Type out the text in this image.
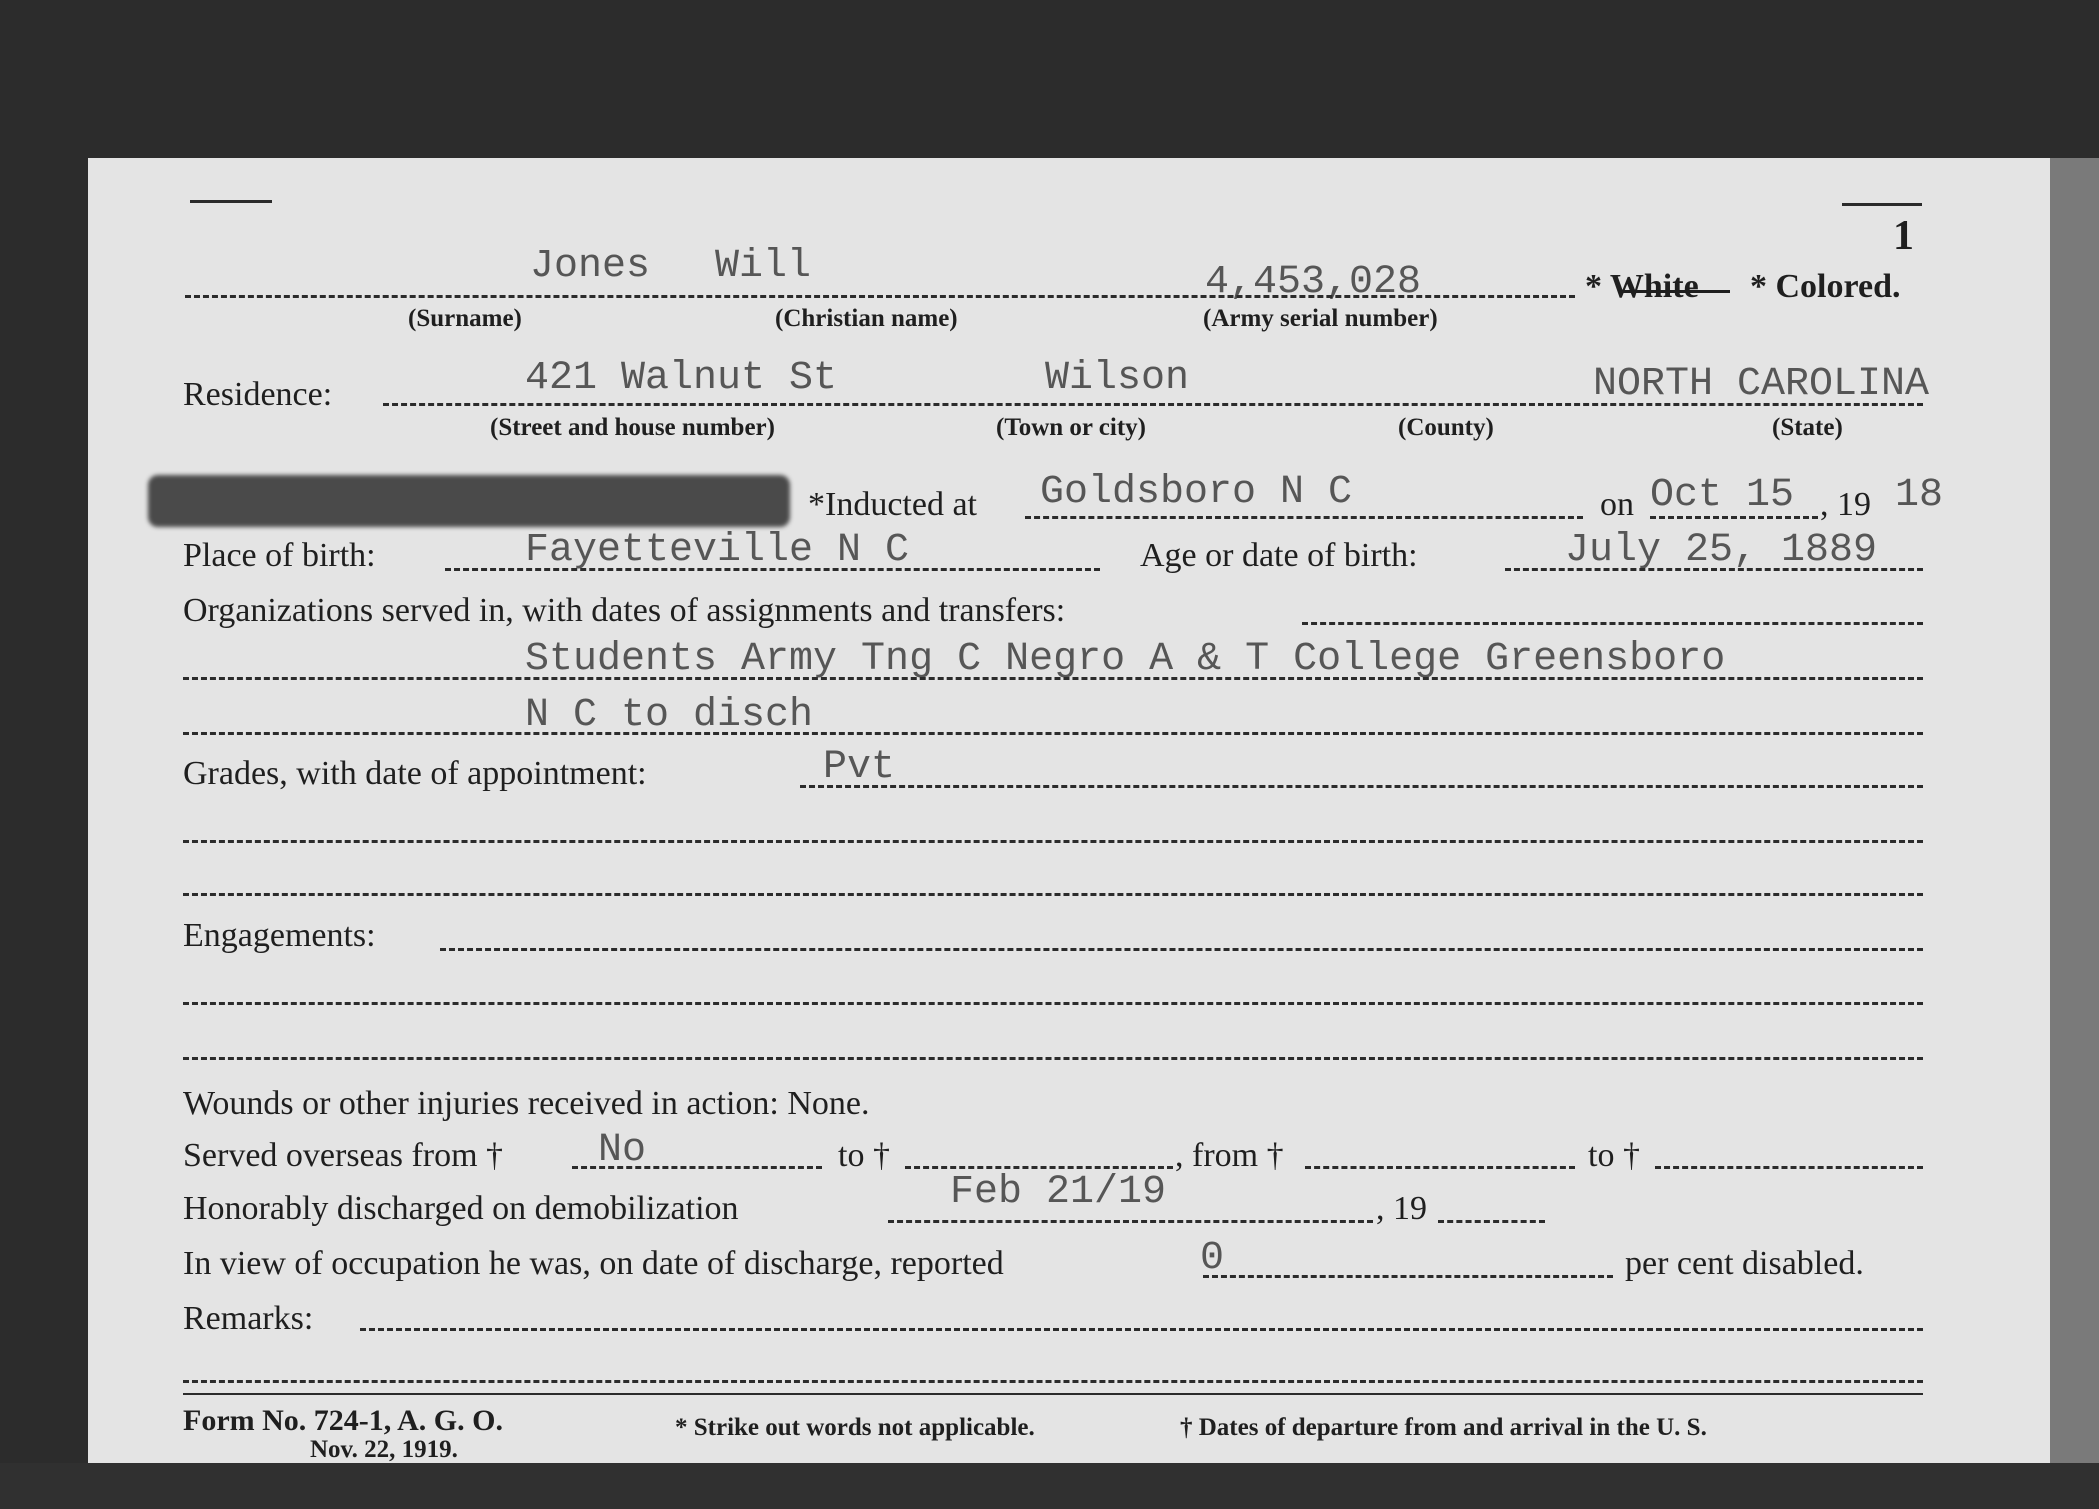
1
Jones Will	4,453,028	* White * Colored.
(Surname)	(Christian name)	(Army serial number)
Residence:	421 Walnut St	Wilson	NORTH CAROLINA
(Street and house number)	(Town or city)	(County)	(State)
*Inducted at Goldsboro N C	on Oct 15 , 19 18
Place of birth:	Fayetteville N C	Age or date of birth:	July 25, 1889
Organizations served in, with dates of assignments and transfers:
Students Army Tng C Negro A & T College Greensboro
N C to disch
Grades, with date of appointment:	Pvt
Engagements:
Wounds or other injuries received in action: None.
Served overseas from † No	to †	, from †	to †
Honorably discharged on demobilization	Feb 21/19	, 19
In view of occupation he was, on date of discharge, reported	0	per cent disabled.
Remarks:
Form No. 724-1, A. G. O.
Nov. 22, 1919.
* Strike out words not applicable.	† Dates of departure from and arrival in the U. S.
